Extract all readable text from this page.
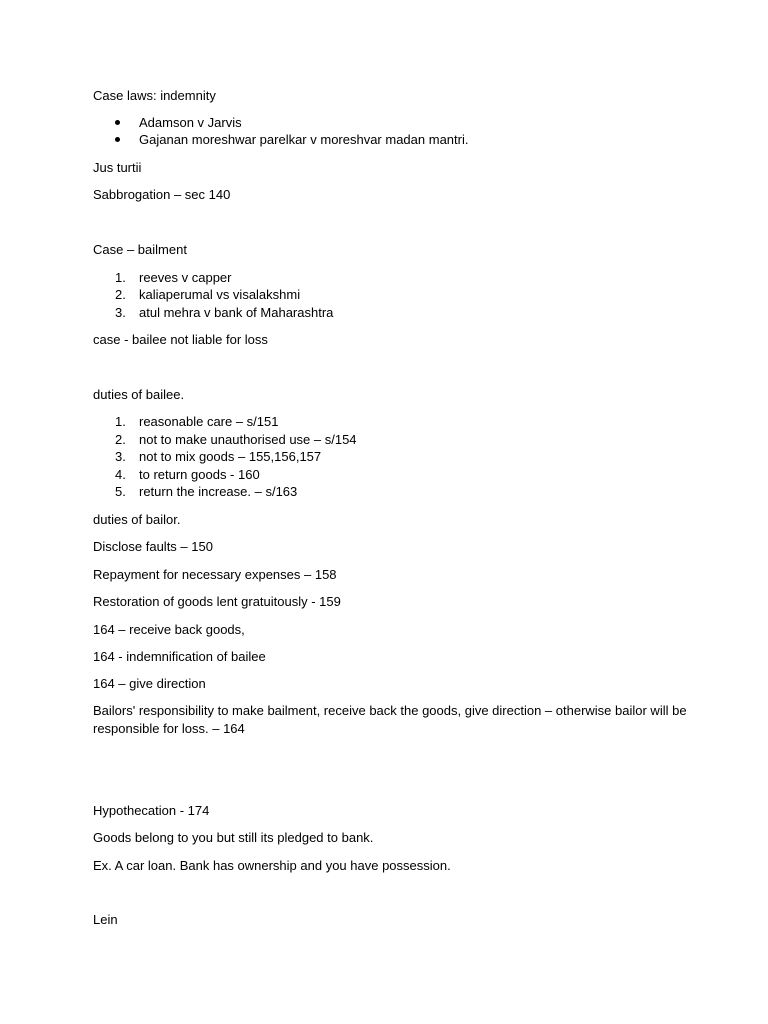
Case laws: indemnity
Adamson v Jarvis
Gajanan moreshwar parelkar v moreshvar madan mantri.
Jus turtii
Sabbrogation – sec 140
Case – bailment
1. reeves v capper
2. kaliaperumal vs visalakshmi
3. atul mehra v bank of Maharashtra
case - bailee not liable for loss
duties of bailee.
1. reasonable care – s/151
2. not to make unauthorised use – s/154
3. not to mix goods – 155,156,157
4. to return goods - 160
5. return the increase. – s/163
duties of bailor.
Disclose faults – 150
Repayment for necessary expenses – 158
Restoration of goods lent gratuitously - 159
164 – receive back goods,
164 - indemnification of bailee
164 – give direction
Bailors' responsibility to make bailment, receive back the goods, give direction – otherwise bailor will be responsible for loss. – 164
Hypothecation - 174
Goods belong to you but still its pledged to bank.
Ex. A car loan. Bank has ownership and you have possession.
Lein
